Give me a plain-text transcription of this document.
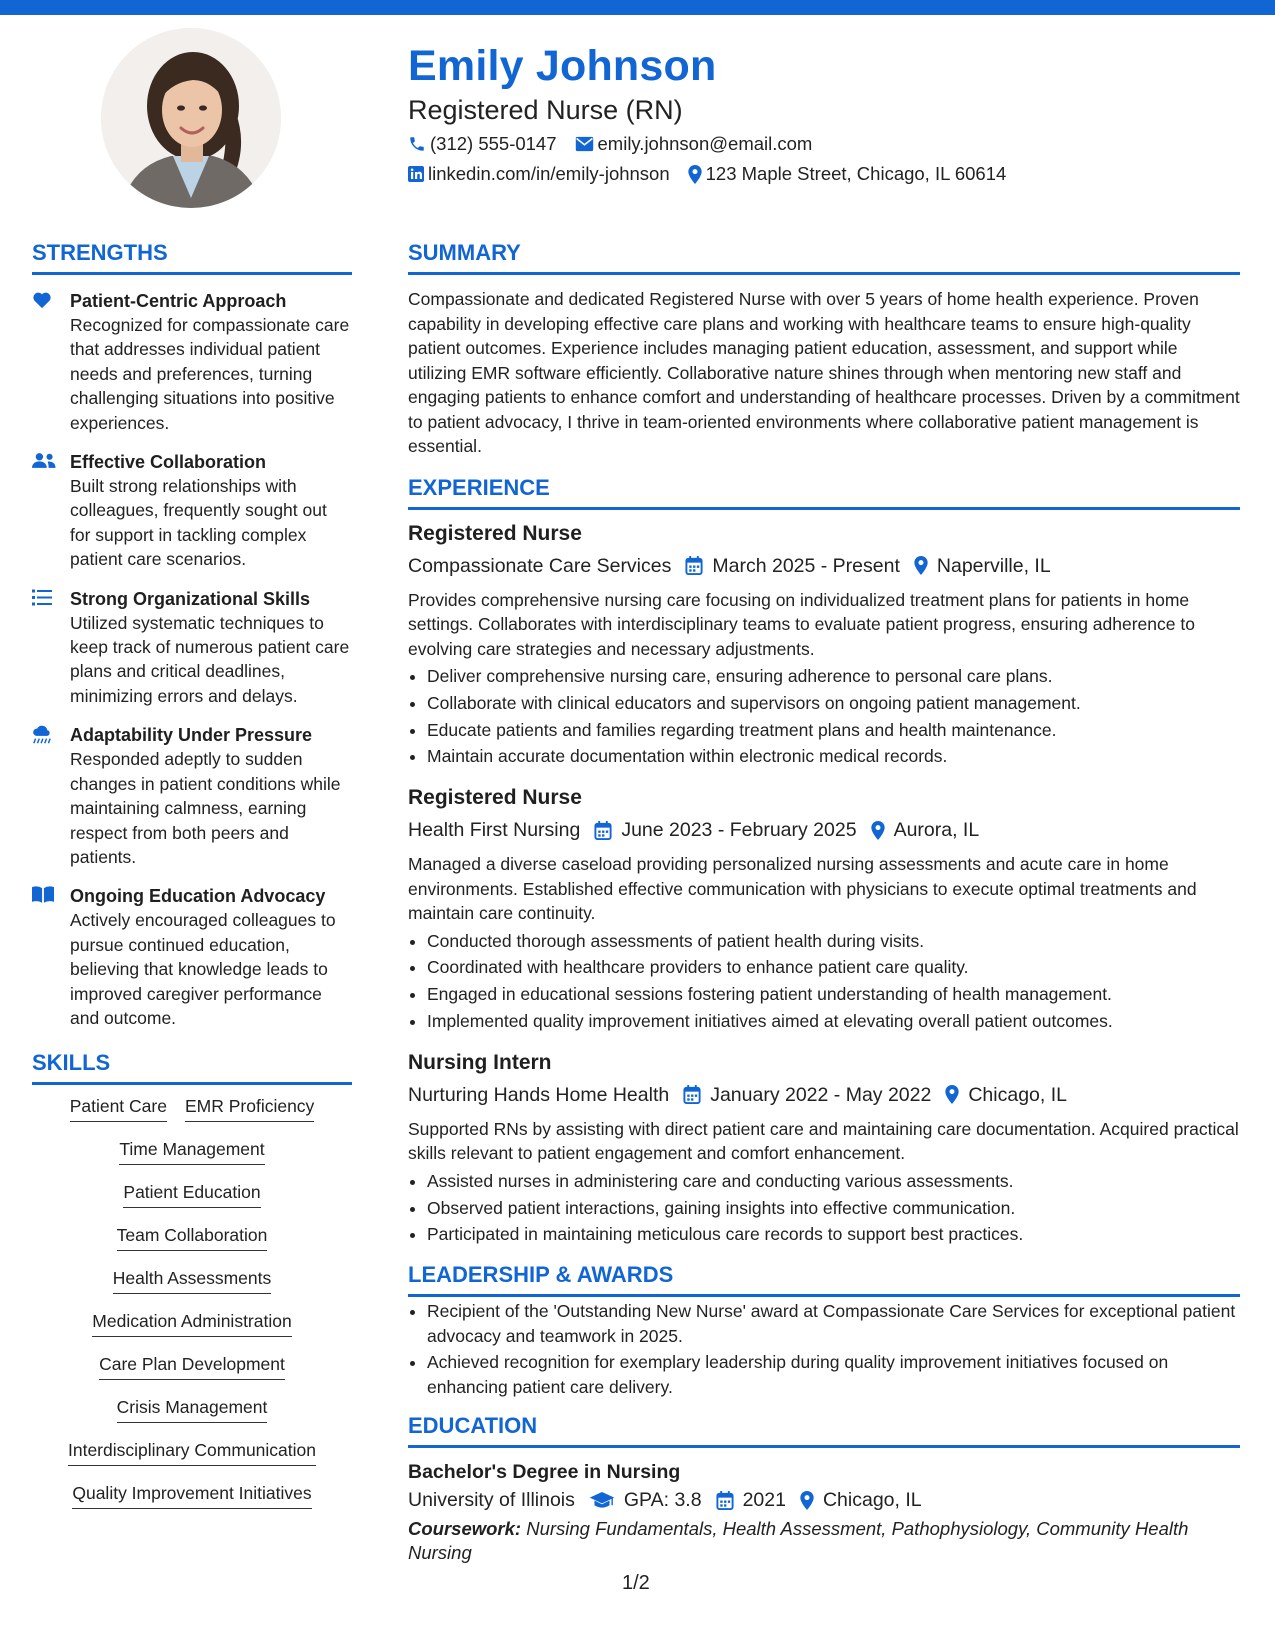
Emily Johnson
Registered Nurse (RN)
(312) 555-0147 emily.johnson@email.com
linkedin.com/in/emily-johnson 123 Maple Street, Chicago, IL 60614
STRENGTHS
Patient-Centric Approach
Recognized for compassionate care that addresses individual patient needs and preferences, turning challenging situations into positive experiences.
Effective Collaboration
Built strong relationships with colleagues, frequently sought out for support in tackling complex patient care scenarios.
Strong Organizational Skills
Utilized systematic techniques to keep track of numerous patient care plans and critical deadlines, minimizing errors and delays.
Adaptability Under Pressure
Responded adeptly to sudden changes in patient conditions while maintaining calmness, earning respect from both peers and patients.
Ongoing Education Advocacy
Actively encouraged colleagues to pursue continued education, believing that knowledge leads to improved caregiver performance and outcome.
SKILLS
Patient Care EMR Proficiency
Time Management
Patient Education
Team Collaboration
Health Assessments
Medication Administration
Care Plan Development
Crisis Management
Interdisciplinary Communication
Quality Improvement Initiatives
SUMMARY

Compassionate and dedicated Registered Nurse with over 5 years of home health experience. Proven capability in developing effective care plans and working with healthcare teams to ensure high-quality patient outcomes. Experience includes managing patient education, assessment, and support while utilizing EMR software efficiently. Collaborative nature shines through when mentoring new staff and engaging patients to enhance comfort and understanding of healthcare processes. Driven by a commitment to patient advocacy, I thrive in team-oriented environments where collaborative patient management is essential.

EXPERIENCE
Registered Nurse
Compassionate Care Services March 2025 - Present Naperville, IL

Provides comprehensive nursing care focusing on individualized treatment plans for patients in home settings. Collaborates with interdisciplinary teams to evaluate patient progress, ensuring adherence to evolving care strategies and necessary adjustments.

• Deliver comprehensive nursing care, ensuring adherence to personal care plans.
• Collaborate with clinical educators and supervisors on ongoing patient management.
• Educate patients and families regarding treatment plans and health maintenance.
• Maintain accurate documentation within electronic medical records.
Registered Nurse
Health First Nursing June 2023 - February 2025 Aurora, IL

Managed a diverse caseload providing personalized nursing assessments and acute care in home environments. Established effective communication with physicians to execute optimal treatments and maintain care continuity.

• Conducted thorough assessments of patient health during visits.
• Coordinated with healthcare providers to enhance patient care quality.
• Engaged in educational sessions fostering patient understanding of health management.
• Implemented quality improvement initiatives aimed at elevating overall patient outcomes.
Nursing Intern
Nurturing Hands Home Health January 2022 - May 2022 Chicago, IL

Supported RNs by assisting with direct patient care and maintaining care documentation. Acquired practical skills relevant to patient engagement and comfort enhancement.

• Assisted nurses in administering care and conducting various assessments.
• Observed patient interactions, gaining insights into effective communication.
• Participated in maintaining meticulous care records to support best practices.
LEADERSHIP & AWARDS
• Recipient of the 'Outstanding New Nurse' award at Compassionate Care Services for exceptional patient advocacy and teamwork in 2025.
• Achieved recognition for exemplary leadership during quality improvement initiatives focused on enhancing patient care delivery.
EDUCATION
Bachelor's Degree in Nursing
University of Illinois	GPA: 3.8 2021 Chicago, IL
Coursework: Nursing Fundamentals, Health Assessment, Pathophysiology, Community Health Nursing
1/2
